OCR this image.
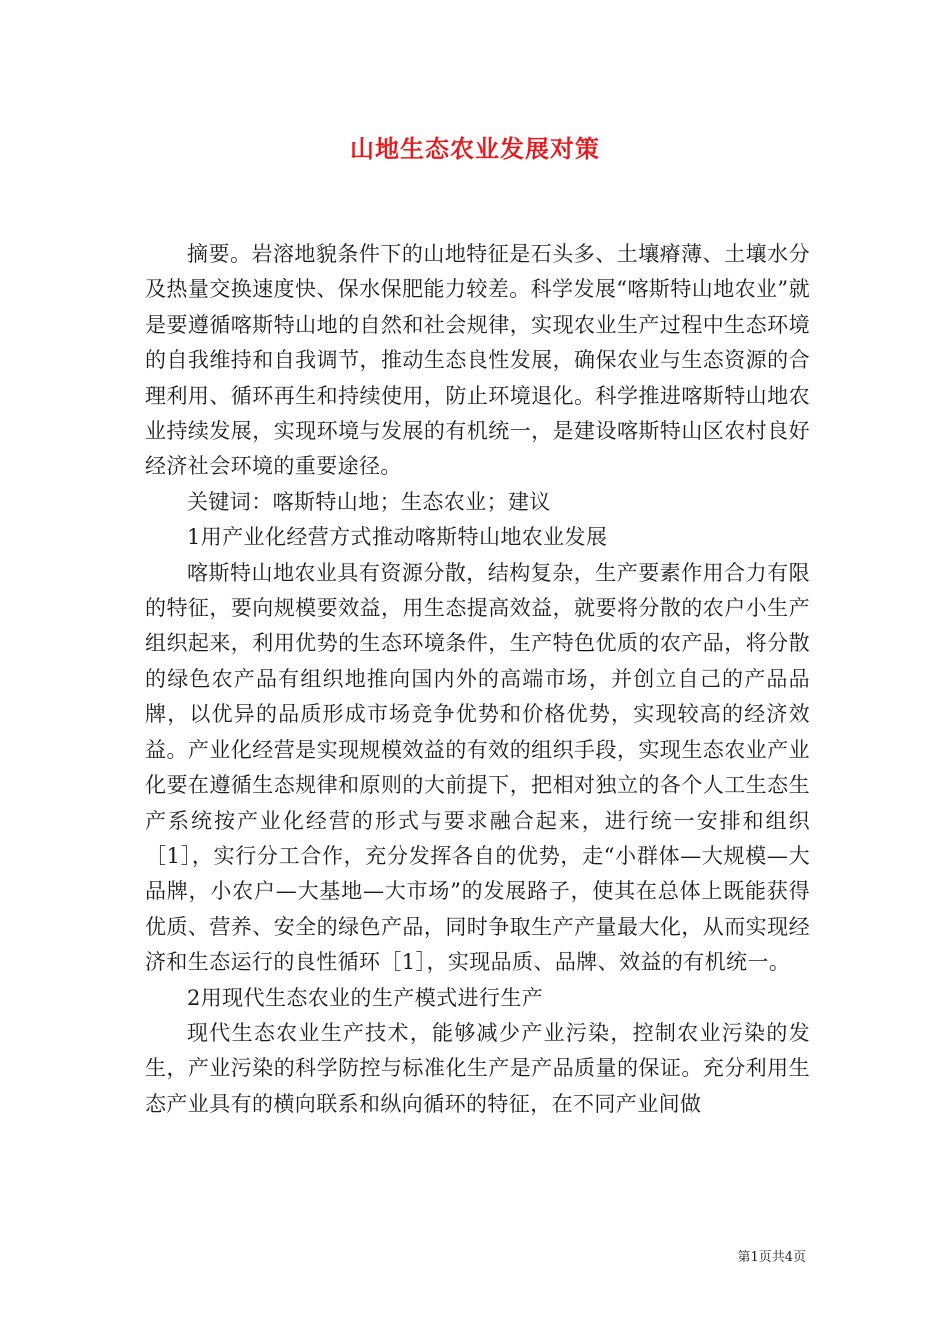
山地生态农业发展对策

摘要。岩溶地貌条件下的山地特征是石头多、土壤瘠薄、土壤水分及热量交换速度快、保水保肥能力较差。科学发展“喀斯特山地农业”就是要遵循喀斯特山地的自然和社会规律，实现农业生产过程中生态环境的自我维持和自我调节，推动生态良性发展，确保农业与生态资源的合理利用、循环再生和持续使用，防止环境退化。科学推进喀斯特山地农业持续发展，实现环境与发展的有机统一，是建设喀斯特山区农村良好经济社会环境的重要途径。

关键词：喀斯特山地；生态农业；建议

1用产业化经营方式推动喀斯特山地农业发展

喀斯特山地农业具有资源分散，结构复杂，生产要素作用合力有限的特征，要向规模要效益，用生态提高效益，就要将分散的农户小生产组织起来，利用优势的生态环境条件，生产特色优质的农产品，将分散的绿色农产品有组织地推向国内外的高端市场，并创立自己的产品品牌，以优异的品质形成市场竞争优势和价格优势，实现较高的经济效益。产业化经营是实现规模效益的有效的组织手段，实现生态农业产业化要在遵循生态规律和原则的大前提下，把相对独立的各个人工生态生产系统按产业化经营的形式与要求融合起来，进行统一安排和组织［1］，实行分工合作，充分发挥各自的优势，走“小群体—大规模—大品牌，小农户—大基地—大市场”的发展路子，使其在总体上既能获得优质、营养、安全的绿色产品，同时争取生产产量最大化，从而实现经济和生态运行的良性循环［1］，实现品质、品牌、效益的有机统一。

2用现代生态农业的生产模式进行生产

现代生态农业生产技术，能够减少产业污染，控制农业污染的发生，产业污染的科学防控与标准化生产是产品质量的保证。充分利用生态产业具有的横向联系和纵向循环的特征，在不同产业间做

第1页共4页
